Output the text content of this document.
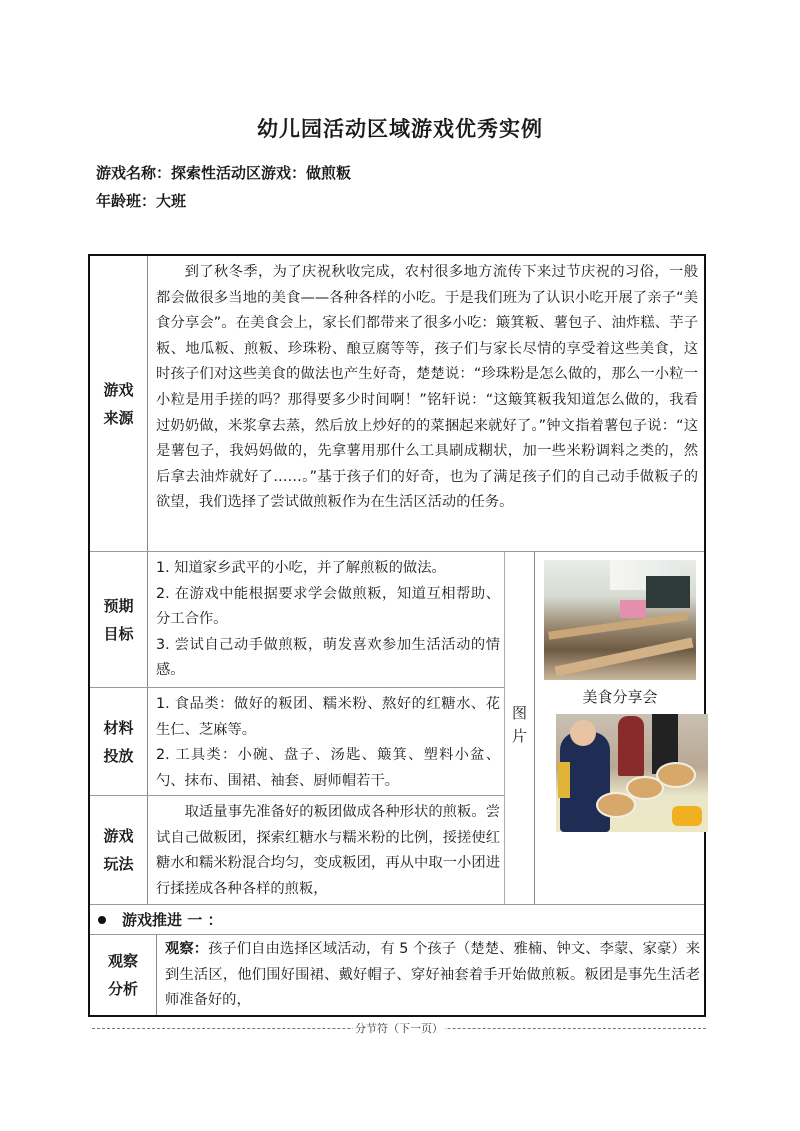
幼儿园活动区域游戏优秀实例
游戏名称：探索性活动区游戏：做煎粄
年龄班：大班
游戏来源
到了秋冬季，为了庆祝秋收完成，农村很多地方流传下来过节庆祝的习俗，一般都会做很多当地的美食——各种各样的小吃。于是我们班为了认识小吃开展了亲子“美食分享会”。在美食会上，家长们都带来了很多小吃：簸箕粄、薯包子、油炸糕、芋子粄、地瓜粄、煎粄、珍珠粉、酿豆腐等等，孩子们与家长尽情的享受着这些美食，这时孩子们对这些美食的做法也产生好奇，楚楚说：“珍珠粉是怎么做的，那么一小粒一小粒是用手搓的吗？那得要多少时间啊！”铭轩说：“这簸箕粄我知道怎么做的，我看过奶奶做，米浆拿去蒸，然后放上炒好的的菜捆起来就好了。”钟文指着薯包子说：“这是薯包子，我妈妈做的，先拿薯用那什么工具刷成糊状，加一些米粉调料之类的，然后拿去油炸就好了……。”基于孩子们的好奇，也为了满足孩子们的自己动手做粄子的欲望，我们选择了尝试做煎粄作为在生活区活动的任务。
预期目标
1. 知道家乡武平的小吃，并了解煎粄的做法。
2. 在游戏中能根据要求学会做煎粄，知道互相帮助、分工合作。
3. 尝试自己动手做煎粄，萌发喜欢参加生活活动的情感。
材料投放
1. 食品类：做好的粄团、糯米粉、熬好的红糖水、花生仁、芝麻等。
2. 工具类：小碗、盘子、汤匙、簸箕、塑料小盆、勺、抹布、围裙、袖套、厨师帽若干。
游戏玩法
取适量事先准备好的粄团做成各种形状的煎粄。尝试自己做粄团，探索红糖水与糯米粉的比例，挼搓使红糖水和糯米粉混合均匀，变成粄团，再从中取一小团进行揉搓成各种各样的煎粄，
图片
美食分享会
游戏推进 一 ：
观察分析
观察：孩子们自由选择区域活动，有 5 个孩子（楚楚、雅楠、钟文、李蒙、家豪）来到生活区，他们围好围裙、戴好帽子、穿好袖套着手开始做煎粄。粄团是事先生活老师准备好的，
分节符（下一页）
